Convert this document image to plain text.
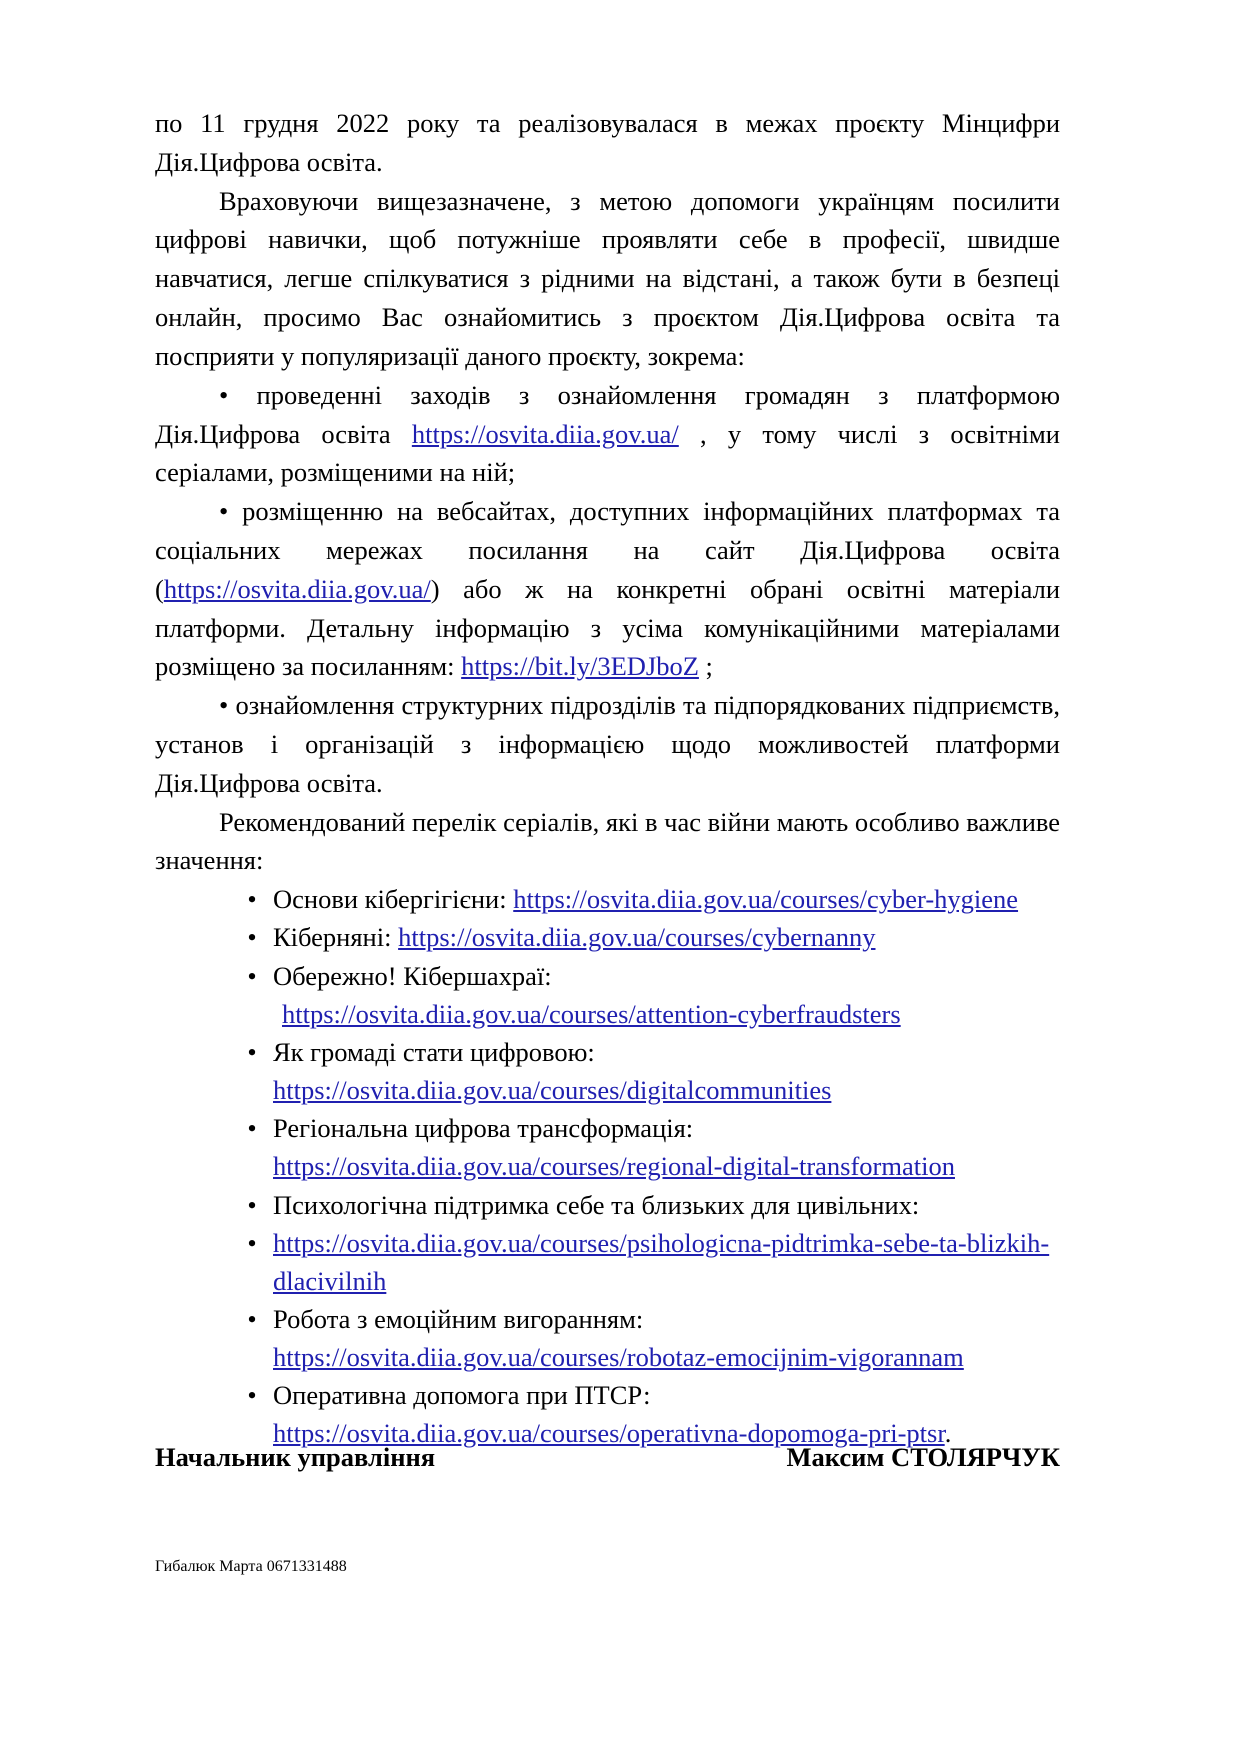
по 11 грудня 2022 року та реалізовувалася в межах проєкту Мінцифри Дія.Цифрова освіта.

Враховуючи вищезазначене, з метою допомоги українцям посилити цифрові навички, щоб потужніше проявляти себе в професії, швидше навчатися, легше спілкуватися з рідними на відстані, а також бути в безпеці онлайн, просимо Вас ознайомитись з проєктом Дія.Цифрова освіта та посприяти у популяризації даного проєкту, зокрема:

• проведенні заходів з ознайомлення громадян з платформою Дія.Цифрова освіта https://osvita.diia.gov.ua/ , у тому числі з освітніми серіалами, розміщеними на ній;

• розміщенню на вебсайтах, доступних інформаційних платформах та соціальних мережах посилання на сайт Дія.Цифрова освіта (https://osvita.diia.gov.ua/) або ж на конкретні обрані освітні матеріали платформи. Детальну інформацію з усіма комунікаційними матеріалами розміщено за посиланням: https://bit.ly/3EDJboZ ;

• ознайомлення структурних підрозділів та підпорядкованих підприємств, установ і організацій з інформацією щодо можливостей платформи Дія.Цифрова освіта.

Рекомендований перелік серіалів, які в час війни мають особливо важливе значення:

• Основи кібергігієни: https://osvita.diia.gov.ua/courses/cyber-hygiene
• Кіберняні: https://osvita.diia.gov.ua/courses/cybernanny
• Обережно! Кібершахраї:
https://osvita.diia.gov.ua/courses/attention-cyberfraudsters
• Як громаді стати цифровою:
https://osvita.diia.gov.ua/courses/digitalcommunities
• Регіональна цифрова трансформація:
https://osvita.diia.gov.ua/courses/regional-digital-transformation
• Психологічна підтримка себе та близьких для цивільних:
• https://osvita.diia.gov.ua/courses/psihologicna-pidtrimka-sebe-ta-blizkih-dlacivilnih
• Робота з емоційним вигоранням:
https://osvita.diia.gov.ua/courses/robotaz-emocijnim-vigorannam
• Оперативна допомога при ПТСР:
https://osvita.diia.gov.ua/courses/operativna-dopomoga-pri-ptsr.
Начальник управління	Максим СТОЛЯРЧУК
Гибалюк Марта 0671331488
